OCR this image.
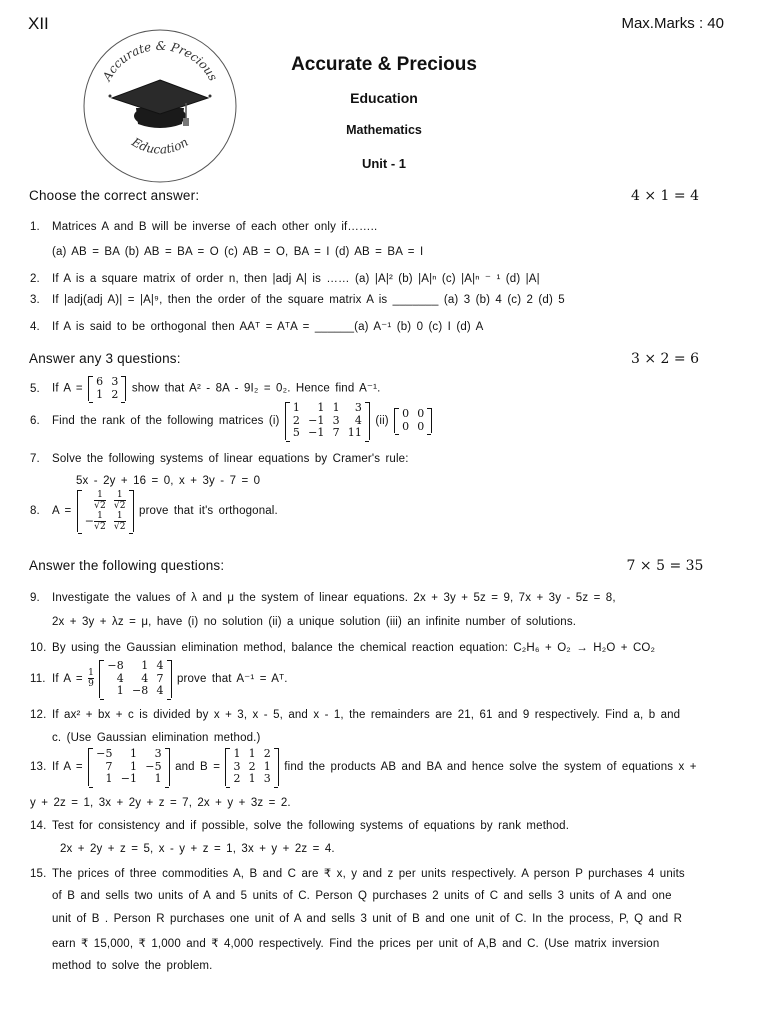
XII	Max.Marks : 40
Accurate & Precious
Education
Accurate & Precious
Education
Mathematics
Unit - 1
Choose the correct answer:	4 × 1 = 4
1. Matrices A and B will be inverse of each other only if……..
(a) AB = BA (b) AB = BA = O (c) AB = O, BA = I (d) AB = BA = I
2. If A is a square matrix of order n, then |adj A| is …… (a) |A|² (b) |A|ⁿ (c) |A|ⁿ ⁻ ¹ (d) |A|
3. If |adj(adj A)| = |A|⁹, then the order of the square matrix A is _______ (a) 3 (b) 4 (c) 2 (d) 5
4. If A is said to be orthogonal then AAᵀ = AᵀA = ______(a) A⁻¹ (b) 0 (c) I (d) A
Answer any 3 questions:	3 × 2 = 6
5. If A =
6	3
1	2 show that A² - 8A - 9I₂ = 0₂. Hence find A⁻¹.
6. Find the rank of the following matrices (i)
1	1	1	3
2	−1	3	4
5	−1	7	11
(ii)
0	0
0	0
7. Solve the following systems of linear equations by Cramer's rule:
5x - 2y + 16 = 0, x + 3y - 7 = 0
8. A =
$\frac{1}{√2}$	$\frac{1}{√2}$

− $\frac{1}{√2}$	$\frac{1}{√2}$ prove that it's orthogonal.
Answer the following questions:	7 × 5 = 35
9. Investigate the values of λ and μ the system of linear equations. 2x + 3y + 5z = 9, 7x + 3y - 5z = 8,
2x + 3y + λz = μ, have (i) no solution (ii) a unique solution (iii) an infinite number of solutions.
10. By using the Gaussian elimination method, balance the chemical reaction equation: C₂H₆ + O₂ → H₂O + CO₂
11. If $A = \frac{1}{9}$

−8	1	4
4	4	7
1	−8	4
prove that A⁻¹ = Aᵀ.
12. If ax² + bx + c is divided by x + 3, x - 5, and x - 1, the remainders are 21, 61 and 9 respectively. Find a, b and
c. (Use Gaussian elimination method.)
13. If A =
−5	1	3
7	1	−5
1	−1	1
and B =
1	1	2
3	2	1
2	1	3
find the products AB and BA and hence solve the system of equations x +
y + 2z = 1, 3x + 2y + z = 7, 2x + y + 3z = 2.
14. Test for consistency and if possible, solve the following systems of equations by rank method.
2x + 2y + z = 5, x - y + z = 1, 3x + y + 2z = 4.
15. The prices of three commodities A, B and C are ₹ x, y and z per units respectively. A person P purchases 4 units
of B and sells two units of A and 5 units of C. Person Q purchases 2 units of C and sells 3 units of A and one
unit of B . Person R purchases one unit of A and sells 3 unit of B and one unit of C. In the process, P, Q and R
earn ₹ 15,000, ₹ 1,000 and ₹ 4,000 respectively. Find the prices per unit of A,B and C. (Use matrix inversion
method to solve the problem.
